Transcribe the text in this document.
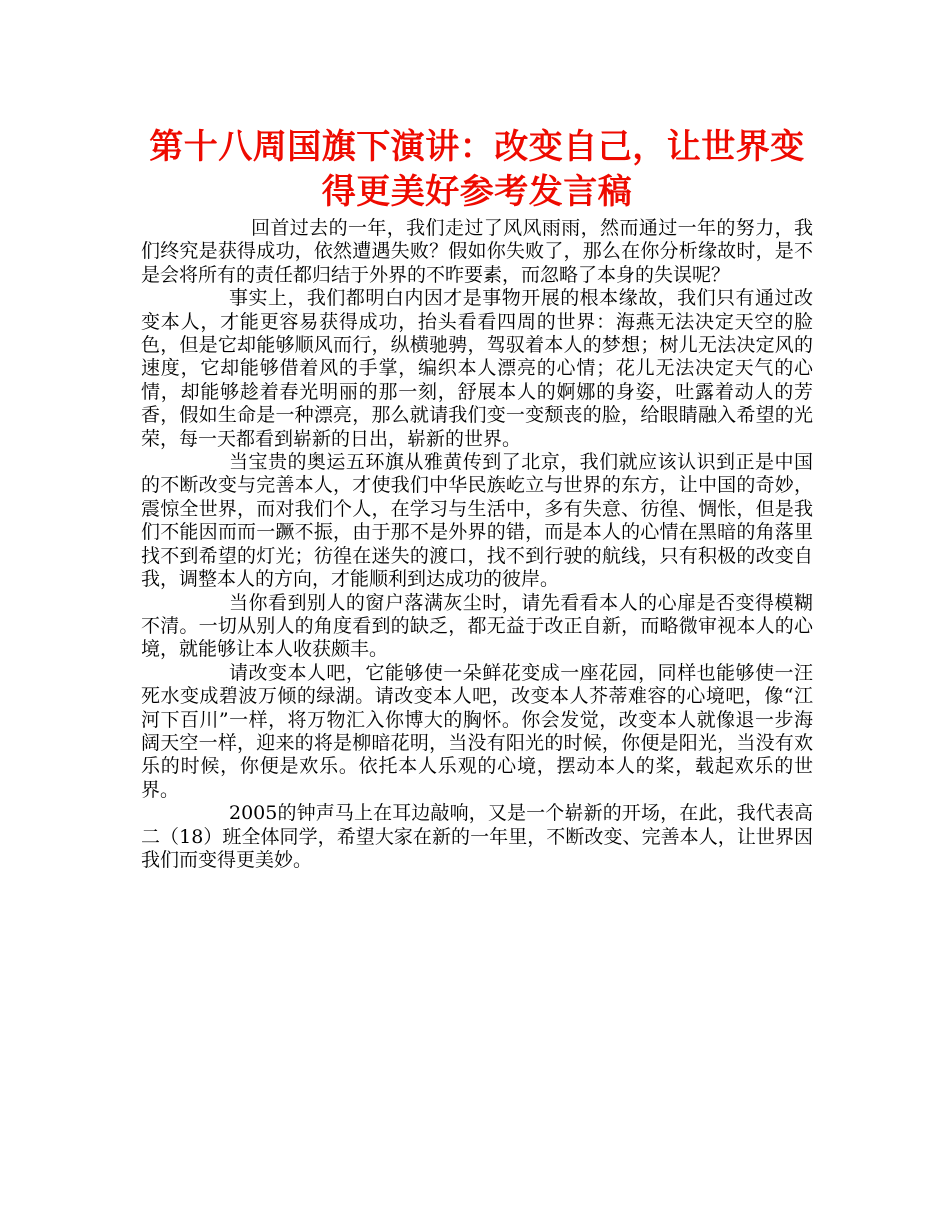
第十八周国旗下演讲：改变自己，让世界变得更美好参考发言稿

回首过去的一年，我们走过了风风雨雨，然而通过一年的努力，我们终究是获得成功，依然遭遇失败？假如你失败了，那么在你分析缘故时，是不是会将所有的责任都归结于外界的不昨要素，而忽略了本身的失误呢？

事实上，我们都明白内因才是事物开展的根本缘故，我们只有通过改变本人，才能更容易获得成功，抬头看看四周的世界：海燕无法决定天空的脸色，但是它却能够顺风而行，纵横驰骋，驾驭着本人的梦想；树儿无法决定风的速度，它却能够借着风的手掌，编织本人漂亮的心情；花儿无法决定天气的心情，却能够趁着春光明丽的那一刻，舒展本人的婀娜的身姿，吐露着动人的芳香，假如生命是一种漂亮，那么就请我们变一变颓丧的脸，给眼睛融入希望的光荣，每一天都看到崭新的日出，崭新的世界。

当宝贵的奥运五环旗从雅黄传到了北京，我们就应该认识到正是中国的不断改变与完善本人，才使我们中华民族屹立与世界的东方，让中国的奇妙，震惊全世界，而对我们个人，在学习与生活中，多有失意、彷徨、惆怅，但是我们不能因而而一蹶不振，由于那不是外界的错，而是本人的心情在黑暗的角落里找不到希望的灯光；彷徨在迷失的渡口，找不到行驶的航线，只有积极的改变自我，调整本人的方向，才能顺利到达成功的彼岸。

当你看到别人的窗户落满灰尘时，请先看看本人的心扉是否变得模糊不清。一切从别人的角度看到的缺乏，都无益于改正自新，而略微审视本人的心境，就能够让本人收获颇丰。

请改变本人吧，它能够使一朵鲜花变成一座花园，同样也能够使一汪死水变成碧波万倾的绿湖。请改变本人吧，改变本人芥蒂难容的心境吧，像“江河下百川”一样，将万物汇入你博大的胸怀。你会发觉，改变本人就像退一步海阔天空一样，迎来的将是柳暗花明，当没有阳光的时候，你便是阳光，当没有欢乐的时候，你便是欢乐。依托本人乐观的心境，摆动本人的桨，载起欢乐的世界。

2005的钟声马上在耳边敲响，又是一个崭新的开场，在此，我代表高二（18）班全体同学，希望大家在新的一年里，不断改变、完善本人，让世界因我们而变得更美妙。
